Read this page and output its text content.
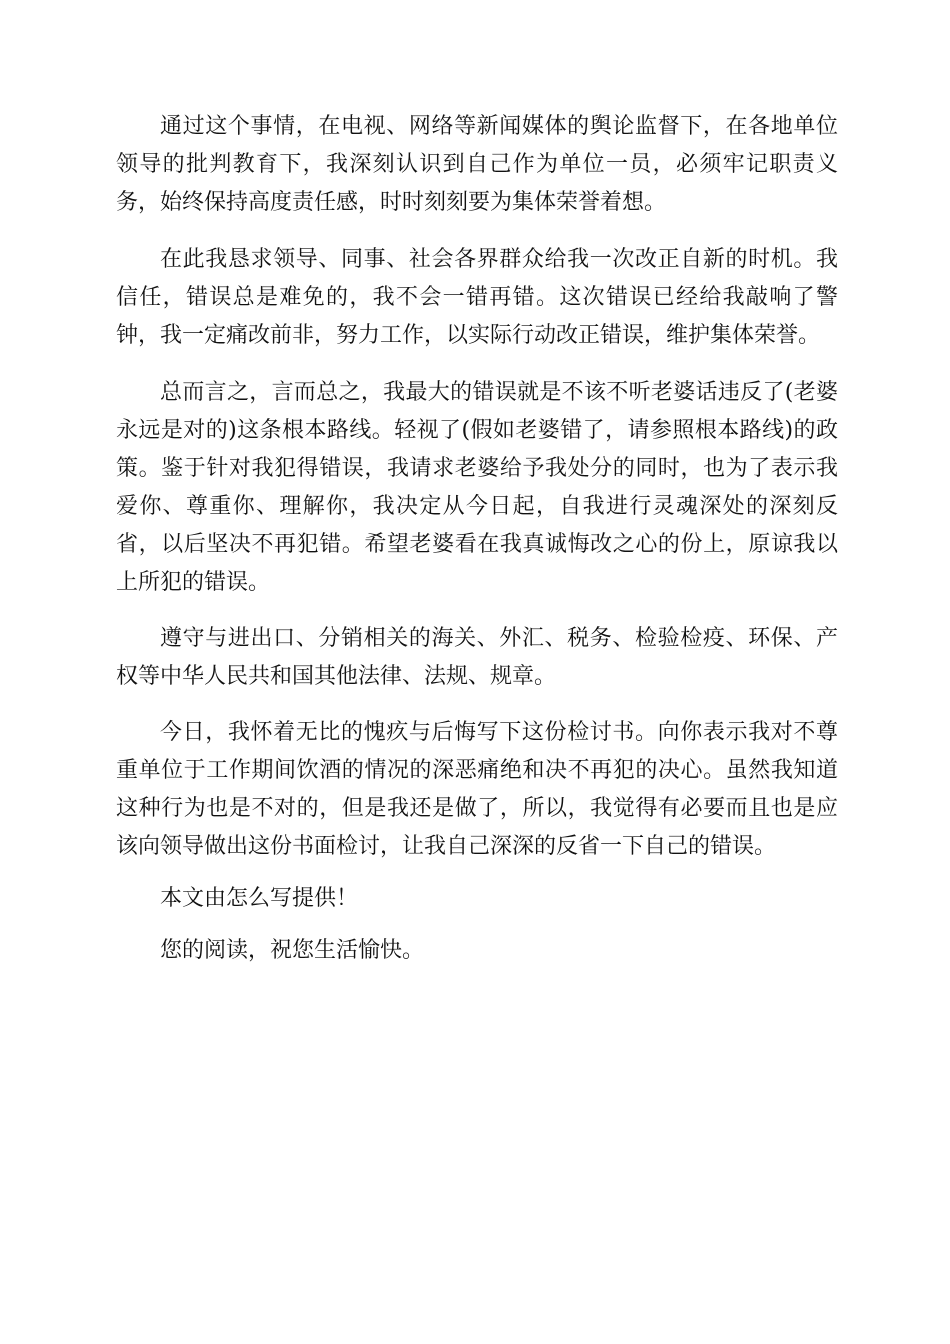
通过这个事情，在电视、网络等新闻媒体的舆论监督下，在各地单位领导的批判教育下，我深刻认识到自己作为单位一员，必须牢记职责义务，始终保持高度责任感，时时刻刻要为集体荣誉着想。

在此我恳求领导、同事、社会各界群众给我一次改正自新的时机。我信任，错误总是难免的，我不会一错再错。这次错误已经给我敲响了警钟，我一定痛改前非，努力工作，以实际行动改正错误，维护集体荣誉。

总而言之，言而总之，我最大的错误就是不该不听老婆话违反了(老婆永远是对的)这条根本路线。轻视了(假如老婆错了，请参照根本路线)的政策。鉴于针对我犯得错误，我请求老婆给予我处分的同时，也为了表示我爱你、尊重你、理解你，我决定从今日起，自我进行灵魂深处的深刻反省，以后坚决不再犯错。希望老婆看在我真诚悔改之心的份上，原谅我以上所犯的错误。

遵守与进出口、分销相关的海关、外汇、税务、检验检疫、环保、产权等中华人民共和国其他法律、法规、规章。

今日，我怀着无比的愧疚与后悔写下这份检讨书。向你表示我对不尊重单位于工作期间饮酒的情况的深恶痛绝和决不再犯的决心。虽然我知道这种行为也是不对的，但是我还是做了，所以，我觉得有必要而且也是应该向领导做出这份书面检讨，让我自己深深的反省一下自己的错误。

本文由怎么写提供！

您的阅读，祝您生活愉快。
